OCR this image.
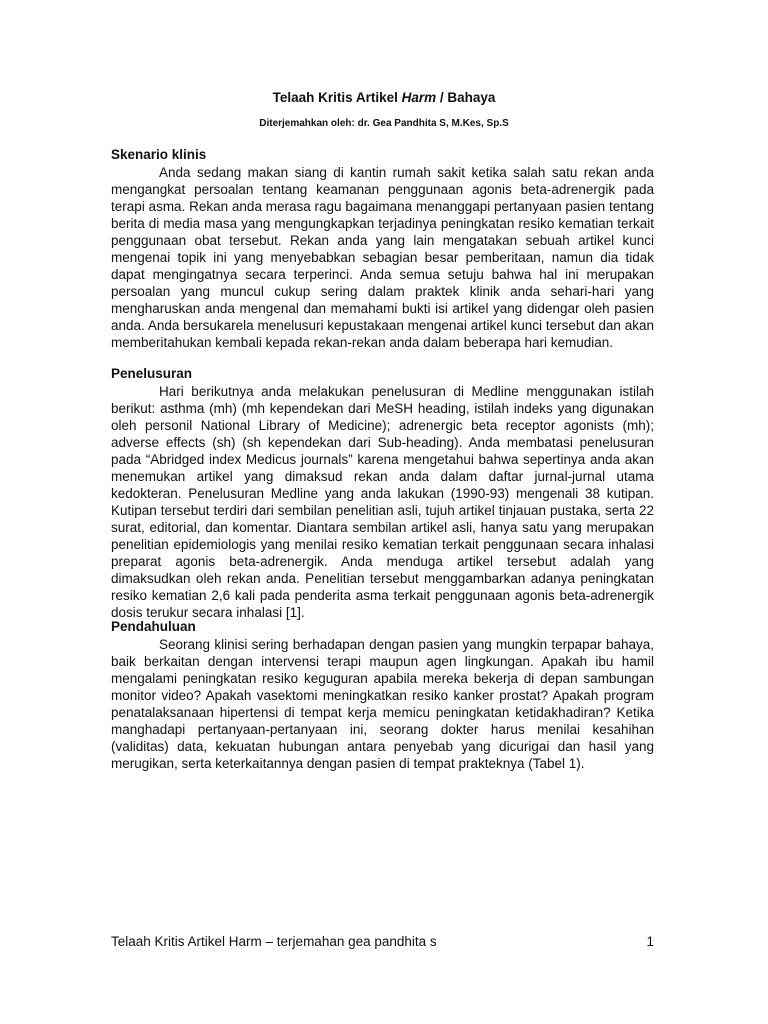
Telaah Kritis Artikel Harm / Bahaya
Diterjemahkan oleh: dr. Gea Pandhita S, M.Kes, Sp.S
Skenario klinis

Anda sedang makan siang di kantin rumah sakit ketika salah satu rekan anda mengangkat persoalan tentang keamanan penggunaan agonis beta-adrenergik pada terapi asma. Rekan anda merasa ragu bagaimana menanggapi pertanyaan pasien tentang berita di media masa yang mengungkapkan terjadinya peningkatan resiko kematian terkait penggunaan obat tersebut. Rekan anda yang lain mengatakan sebuah artikel kunci mengenai topik ini yang menyebabkan sebagian besar pemberitaan, namun dia tidak dapat mengingatnya secara terperinci. Anda semua setuju bahwa hal ini merupakan persoalan yang muncul cukup sering dalam praktek klinik anda sehari-hari yang mengharuskan anda mengenal dan memahami bukti isi artikel yang didengar oleh pasien anda. Anda bersukarela menelusuri kepustakaan mengenai artikel kunci tersebut dan akan memberitahukan kembali kepada rekan-rekan anda dalam beberapa hari kemudian.

Penelusuran

Hari berikutnya anda melakukan penelusuran di Medline menggunakan istilah berikut: asthma (mh) (mh kependekan dari MeSH heading, istilah indeks yang digunakan oleh personil National Library of Medicine); adrenergic beta receptor agonists (mh); adverse effects (sh) (sh kependekan dari Sub-heading). Anda membatasi penelusuran pada “Abridged index Medicus journals” karena mengetahui bahwa sepertinya anda akan menemukan artikel yang dimaksud rekan anda dalam daftar jurnal-jurnal utama kedokteran. Penelusuran Medline yang anda lakukan (1990-93) mengenali 38 kutipan. Kutipan tersebut terdiri dari sembilan penelitian asli, tujuh artikel tinjauan pustaka, serta 22 surat, editorial, dan komentar. Diantara sembilan artikel asli, hanya satu yang merupakan penelitian epidemiologis yang menilai resiko kematian terkait penggunaan secara inhalasi preparat agonis beta-adrenergik. Anda menduga artikel tersebut adalah yang dimaksudkan oleh rekan anda. Penelitian tersebut menggambarkan adanya peningkatan resiko kematian 2,6 kali pada penderita asma terkait penggunaan agonis beta-adrenergik dosis terukur secara inhalasi [1].

Pendahuluan

Seorang klinisi sering berhadapan dengan pasien yang mungkin terpapar bahaya, baik berkaitan dengan intervensi terapi maupun agen lingkungan. Apakah ibu hamil mengalami peningkatan resiko keguguran apabila mereka bekerja di depan sambungan monitor video? Apakah vasektomi meningkatkan resiko kanker prostat? Apakah program penatalaksanaan hipertensi di tempat kerja memicu peningkatan ketidakhadiran? Ketika manghadapi pertanyaan-pertanyaan ini, seorang dokter harus menilai kesahihan (validitas) data, kekuatan hubungan antara penyebab yang dicurigai dan hasil yang merugikan, serta keterkaitannya dengan pasien di tempat prakteknya (Tabel 1).

Telaah Kritis Artikel Harm – terjemahan gea pandhita s	1
